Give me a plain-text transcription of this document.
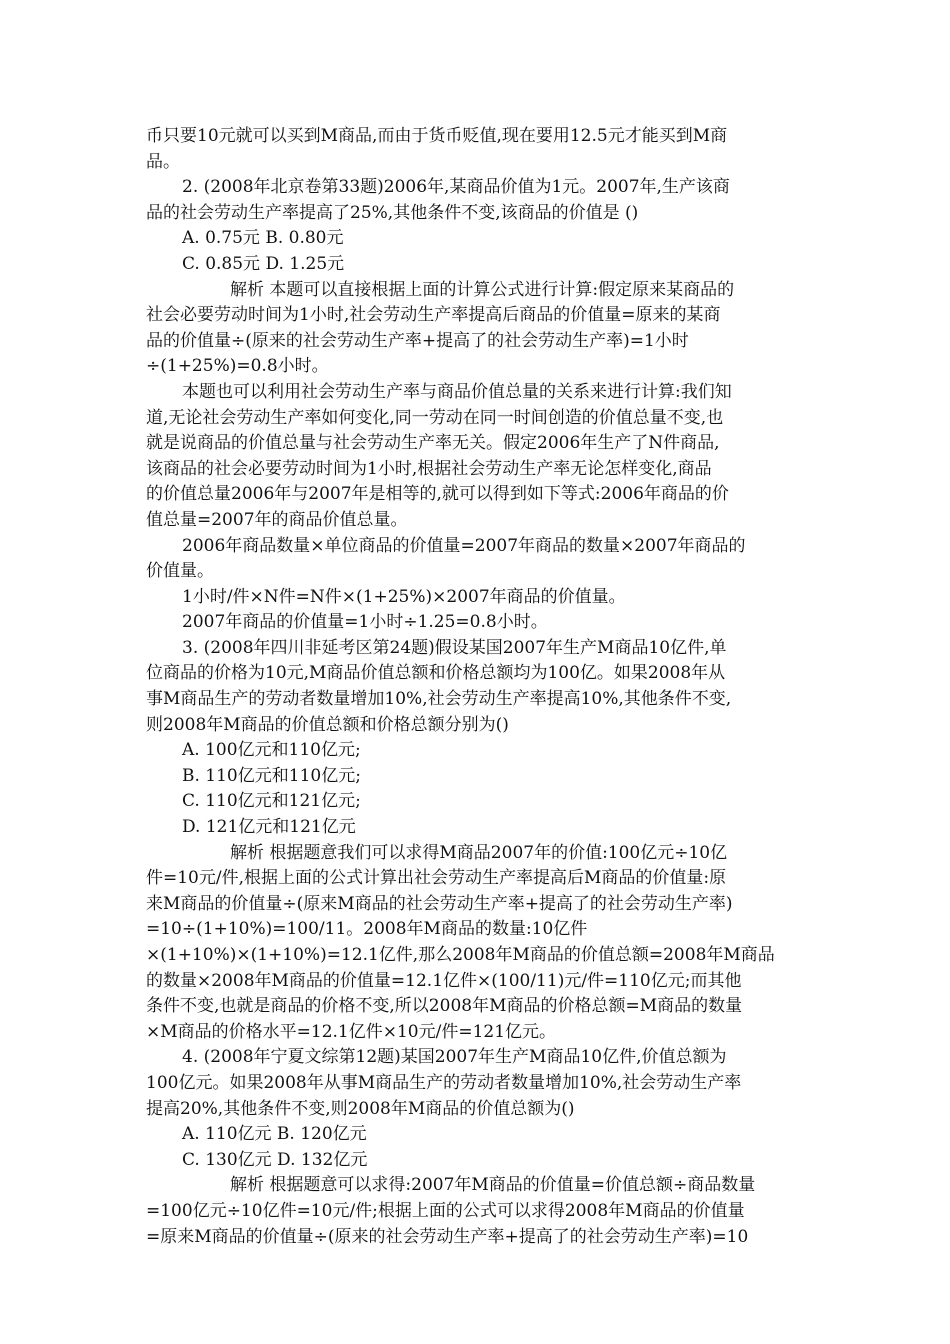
币只要10元就可以买到M商品,而由于货币贬值,现在要用12.5元才能买到M商
品。
2. (2008年北京卷第33题)2006年,某商品价值为1元。2007年,生产该商
品的社会劳动生产率提高了25%,其他条件不变,该商品的价值是 ()
A. 0.75元 B. 0.80元
C. 0.85元 D. 1.25元
解析 本题可以直接根据上面的计算公式进行计算:假定原来某商品的
社会必要劳动时间为1小时,社会劳动生产率提高后商品的价值量=原来的某商
品的价值量÷(原来的社会劳动生产率+提高了的社会劳动生产率)=1小时
÷(1+25%)=0.8小时。
本题也可以利用社会劳动生产率与商品价值总量的关系来进行计算:我们知
道,无论社会劳动生产率如何变化,同一劳动在同一时间创造的价值总量不变,也
就是说商品的价值总量与社会劳动生产率无关。假定2006年生产了N件商品,
该商品的社会必要劳动时间为1小时,根据社会劳动生产率无论怎样变化,商品
的价值总量2006年与2007年是相等的,就可以得到如下等式:2006年商品的价
值总量=2007年的商品价值总量。
2006年商品数量×单位商品的价值量=2007年商品的数量×2007年商品的
价值量。
1小时/件×N件=N件×(1+25%)×2007年商品的价值量。
2007年商品的价值量=1小时÷1.25=0.8小时。
3. (2008年四川非延考区第24题)假设某国2007年生产M商品10亿件,单
位商品的价格为10元,M商品价值总额和价格总额均为100亿。如果2008年从
事M商品生产的劳动者数量增加10%,社会劳动生产率提高10%,其他条件不变,
则2008年M商品的价值总额和价格总额分别为()
A. 100亿元和110亿元;
B. 110亿元和110亿元;
C. 110亿元和121亿元;
D. 121亿元和121亿元
解析 根据题意我们可以求得M商品2007年的价值:100亿元÷10亿
件=10元/件,根据上面的公式计算出社会劳动生产率提高后M商品的价值量:原
来M商品的价值量÷(原来M商品的社会劳动生产率+提高了的社会劳动生产率)
=10÷(1+10%)=100/11。2008年M商品的数量:10亿件
×(1+10%)×(1+10%)=12.1亿件,那么2008年M商品的价值总额=2008年M商品
的数量×2008年M商品的价值量=12.1亿件×(100/11)元/件=110亿元;而其他
条件不变,也就是商品的价格不变,所以2008年M商品的价格总额=M商品的数量
×M商品的价格水平=12.1亿件×10元/件=121亿元。
4. (2008年宁夏文综第12题)某国2007年生产M商品10亿件,价值总额为
100亿元。如果2008年从事M商品生产的劳动者数量增加10%,社会劳动生产率
提高20%,其他条件不变,则2008年M商品的价值总额为()
A. 110亿元 B. 120亿元
C. 130亿元 D. 132亿元
解析 根据题意可以求得:2007年M商品的价值量=价值总额÷商品数量
=100亿元÷10亿件=10元/件;根据上面的公式可以求得2008年M商品的价值量
=原来M商品的价值量÷(原来的社会劳动生产率+提高了的社会劳动生产率)=10
